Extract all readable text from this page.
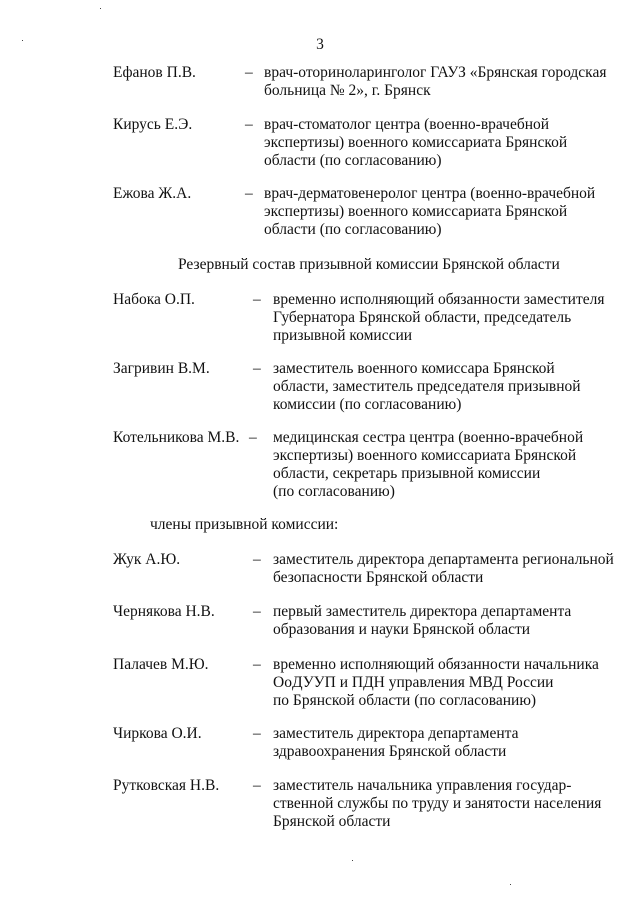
3
Ефанов П.В.	– врач-оториноларинголог ГАУЗ «Брянская городская
больница № 2», г. Брянск
Кирусь Е.Э.	– врач-стоматолог центра (военно-врачебной
экспертизы) военного комиссариата Брянской
области (по согласованию)
Ежова Ж.А.	– врач-дерматовенеролог центра (военно-врачебной
экспертизы) военного комиссариата Брянской
области (по согласованию)
Резервный состав призывной комиссии Брянской области
Набока О.П.	– временно исполняющий обязанности заместителя
Губернатора Брянской области, председатель
призывной комиссии
Загривин В.М.	– заместитель военного комиссара Брянской
области, заместитель председателя призывной
комиссии (по согласованию)
Котельникова М.В. – медицинская сестра центра (военно-врачебной
экспертизы) военного комиссариата Брянской
области, секретарь призывной комиссии
(по согласованию)
члены призывной комиссии:
Жук А.Ю.	– заместитель директора департамента региональной
безопасности Брянской области
Чернякова Н.В. – первый заместитель директора департамента
образования и науки Брянской области
Палачев М.Ю.	– временно исполняющий обязанности начальника
ОоДУУП и ПДН управления МВД России
по Брянской области (по согласованию)
Чиркова О.И.	– заместитель директора департамента
здравоохранения Брянской области
Рутковская Н.В. – заместитель начальника управления государ-
ственной службы по труду и занятости населения
Брянской области
